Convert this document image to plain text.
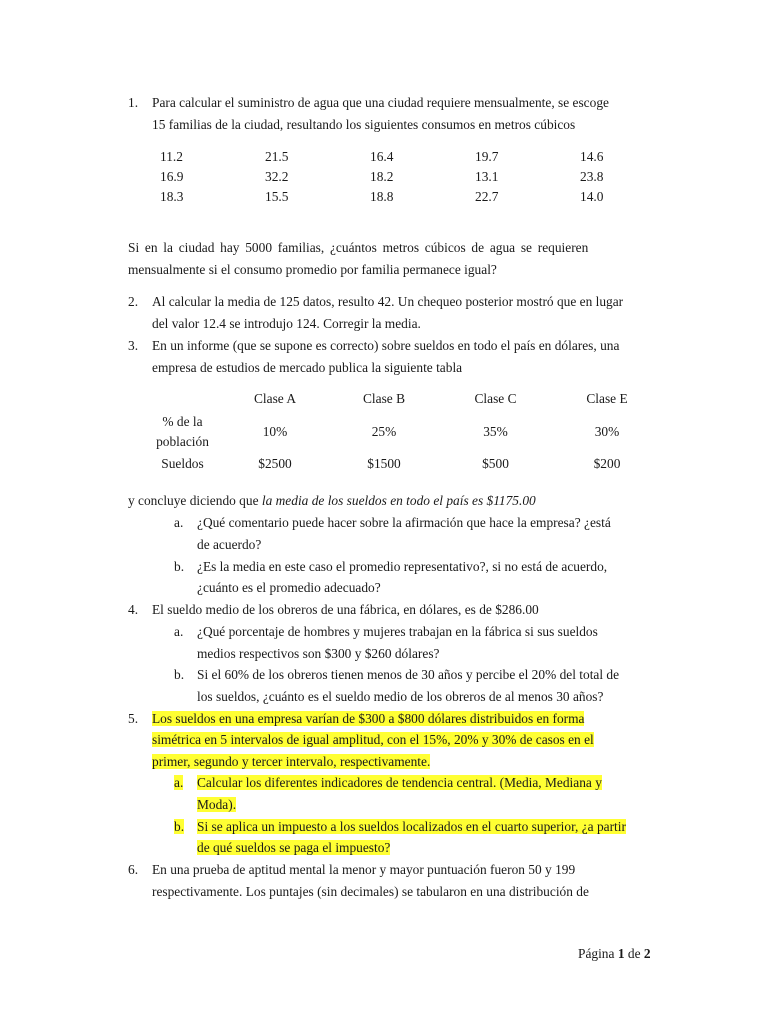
1. Para calcular el suministro de agua que una ciudad requiere mensualmente, se escoge
15 familias de la ciudad, resultando los siguientes consumos en metros cúbicos
11.2	21.5	16.4	19.7	14.6
16.9	32.2	18.2	13.1	23.8
18.3	15.5	18.8	22.7	14.0
Si en la ciudad hay 5000 familias, ¿cuántos metros cúbicos de agua se requieren
mensualmente si el consumo promedio por familia permanece igual?
2. Al calcular la media de 125 datos, resulto 42. Un chequeo posterior mostró que en lugar
del valor 12.4 se introdujo 124. Corregir la media.
3. En un informe (que se supone es correcto) sobre sueldos en todo el país en dólares, una
empresa de estudios de mercado publica la siguiente tabla
	Clase A	Clase B	Clase C	Clase E

% de la
población	10%	25%	35%	30%
Sueldos	$2500	$1500	$500	$200
y concluye diciendo que la media de los sueldos en todo el país es $1175.00
a. ¿Qué comentario puede hacer sobre la afirmación que hace la empresa? ¿está
de acuerdo?
b. ¿Es la media en este caso el promedio representativo?, si no está de acuerdo,
¿cuánto es el promedio adecuado?
4. El sueldo medio de los obreros de una fábrica, en dólares, es de $286.00
a. ¿Qué porcentaje de hombres y mujeres trabajan en la fábrica si sus sueldos
medios respectivos son $300 y $260 dólares?
b. Si el 60% de los obreros tienen menos de 30 años y percibe el 20% del total de
los sueldos, ¿cuánto es el sueldo medio de los obreros de al menos 30 años?
5. Los sueldos en una empresa varían de $300 a $800 dólares distribuidos en forma
simétrica en 5 intervalos de igual amplitud, con el 15%, 20% y 30% de casos en el
primer, segundo y tercer intervalo, respectivamente.
a. Calcular los diferentes indicadores de tendencia central. (Media, Mediana y
Moda).
b. Si se aplica un impuesto a los sueldos localizados en el cuarto superior, ¿a partir
de qué sueldos se paga el impuesto?
6. En una prueba de aptitud mental la menor y mayor puntuación fueron 50 y 199
respectivamente. Los puntajes (sin decimales) se tabularon en una distribución de
Página 1 de 2
